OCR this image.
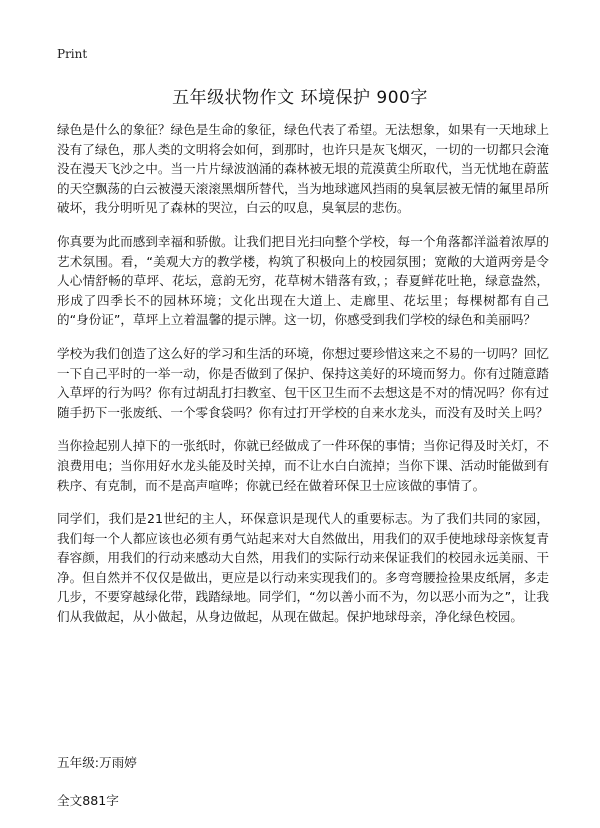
Print
五年级状物作文 环境保护 900字

绿色是什么的象征？绿色是生命的象征，绿色代表了希望。无法想象，如果有一天地球上没有了绿色，那人类的文明将会如何，到那时，也许只是灰飞烟灭，一切的一切都只会淹没在漫天飞沙之中。当一片片绿波汹涌的森林被无垠的荒漠黄尘所取代，当无忧地在蔚蓝的天空飘荡的白云被漫天滚滚黑烟所替代，当为地球遮风挡雨的臭氧层被无情的氟里昂所破坏，我分明听见了森林的哭泣，白云的叹息，臭氧层的悲伤。

你真要为此而感到幸福和骄傲。让我们把目光扫向整个学校，每一个角落都洋溢着浓厚的艺术氛围。看，“美观大方的教学楼，构筑了积极向上的校园氛围；宽敞的大道两旁是令人心情舒畅的草坪、花坛，意韵无穷，花草树木错落有致，；春夏鲜花吐艳，绿意盎然，形成了四季长不的园林环境；文化出现在大道上、走廊里、花坛里；每棵树都有自己的“身份证”，草坪上立着温馨的提示牌。这一切，你感受到我们学校的绿色和美丽吗？

学校为我们创造了这么好的学习和生活的环境，你想过要珍惜这来之不易的一切吗？回忆一下自己平时的一举一动，你是否做到了保护、保持这美好的环境而努力。你有过随意踏入草坪的行为吗？你有过胡乱打扫教室、包干区卫生而不去想这是不对的情况吗？你有过随手扔下一张废纸、一个零食袋吗？你有过打开学校的自来水龙头，而没有及时关上吗？

当你捡起别人掉下的一张纸时，你就已经做成了一件环保的事情；当你记得及时关灯，不浪费用电；当你用好水龙头能及时关掉，而不让水白白流掉；当你下课、活动时能做到有秩序、有克制，而不是高声喧哗；你就已经在做着环保卫士应该做的事情了。

同学们，我们是21世纪的主人，环保意识是现代人的重要标志。为了我们共同的家园，我们每一个人都应该也必须有勇气站起来对大自然做出，用我们的双手使地球母亲恢复青春容颜，用我们的行动来感动大自然，用我们的实际行动来保证我们的校园永远美丽、干净。但自然并不仅仅是做出，更应是以行动来实现我们的。多弯弯腰捡捡果皮纸屑，多走几步，不要穿越绿化带，践踏绿地。同学们，“勿以善小而不为，勿以恶小而为之”，让我们从我做起，从小做起，从身边做起，从现在做起。保护地球母亲，净化绿色校园。

五年级:万雨婷

全文881字
